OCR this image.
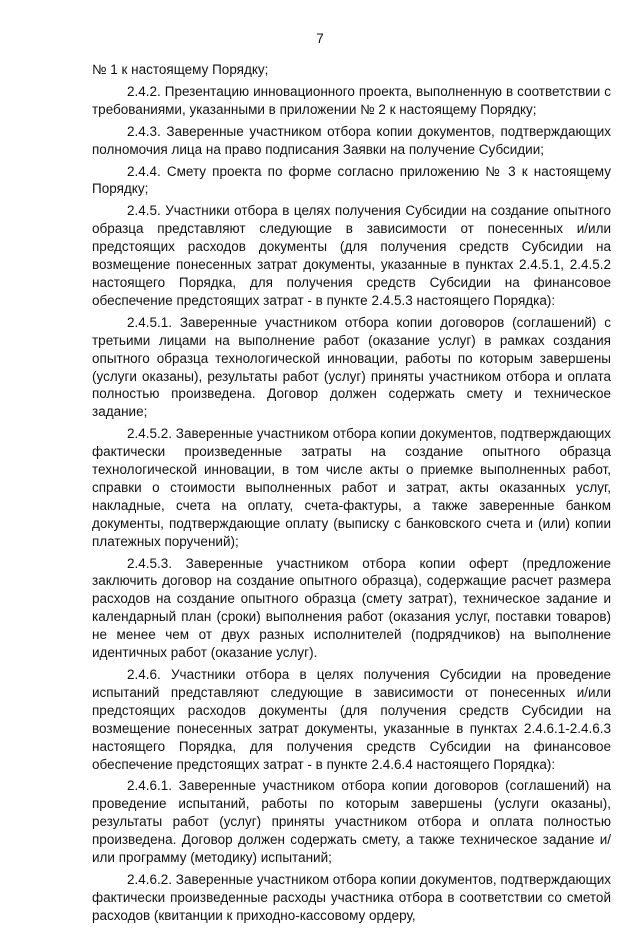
7

№ 1 к настоящему Порядку;

2.4.2. Презентацию инновационного проекта, выполненную в соответствии с требованиями, указанными в приложении № 2 к настоящему Порядку;

2.4.3. Заверенные участником отбора копии документов, подтверждающих полномочия лица на право подписания Заявки на получение Субсидии;

2.4.4. Смету проекта по форме согласно приложению № 3 к настоящему Порядку;

2.4.5. Участники отбора в целях получения Субсидии на создание опытного образца представляют следующие в зависимости от понесенных и/или предстоящих расходов документы (для получения средств Субсидии на возмещение понесенных затрат документы, указанные в пунктах 2.4.5.1, 2.4.5.2 настоящего Порядка, для получения средств Субсидии на финансовое обеспечение предстоящих затрат - в пункте 2.4.5.3 настоящего Порядка):

2.4.5.1. Заверенные участником отбора копии договоров (соглашений) с третьими лицами на выполнение работ (оказание услуг) в рамках создания опытного образца технологической инновации, работы по которым завершены (услуги оказаны), результаты работ (услуг) приняты участником отбора и оплата полностью произведена. Договор должен содержать смету и техническое задание;

2.4.5.2. Заверенные участником отбора копии документов, подтверждающих фактически произведенные затраты на создание опытного образца технологической инновации, в том числе акты о приемке выполненных работ, справки о стоимости выполненных работ и затрат, акты оказанных услуг, накладные, счета на оплату, счета-фактуры, а также заверенные банком документы, подтверждающие оплату (выписку с банковского счета и (или) копии платежных поручений);

2.4.5.3. Заверенные участником отбора копии оферт (предложение заключить договор на создание опытного образца), содержащие расчет размера расходов на создание опытного образца (смету затрат), техническое задание и календарный план (сроки) выполнения работ (оказания услуг, поставки товаров) не менее чем от двух разных исполнителей (подрядчиков) на выполнение идентичных работ (оказание услуг).

2.4.6. Участники отбора в целях получения Субсидии на проведение испытаний представляют следующие в зависимости от понесенных и/или предстоящих расходов документы (для получения средств Субсидии на возмещение понесенных затрат документы, указанные в пунктах 2.4.6.1-2.4.6.3 настоящего Порядка, для получения средств Субсидии на финансовое обеспечение предстоящих затрат - в пункте 2.4.6.4 настоящего Порядка):

2.4.6.1. Заверенные участником отбора копии договоров (соглашений) на проведение испытаний, работы по которым завершены (услуги оказаны), результаты работ (услуг) приняты участником отбора и оплата полностью произведена. Договор должен содержать смету, а также техническое задание и/или программу (методику) испытаний;

2.4.6.2. Заверенные участником отбора копии документов, подтверждающих фактически произведенные расходы участника отбора в соответствии со сметой расходов (квитанции к приходно-кассовому ордеру,
